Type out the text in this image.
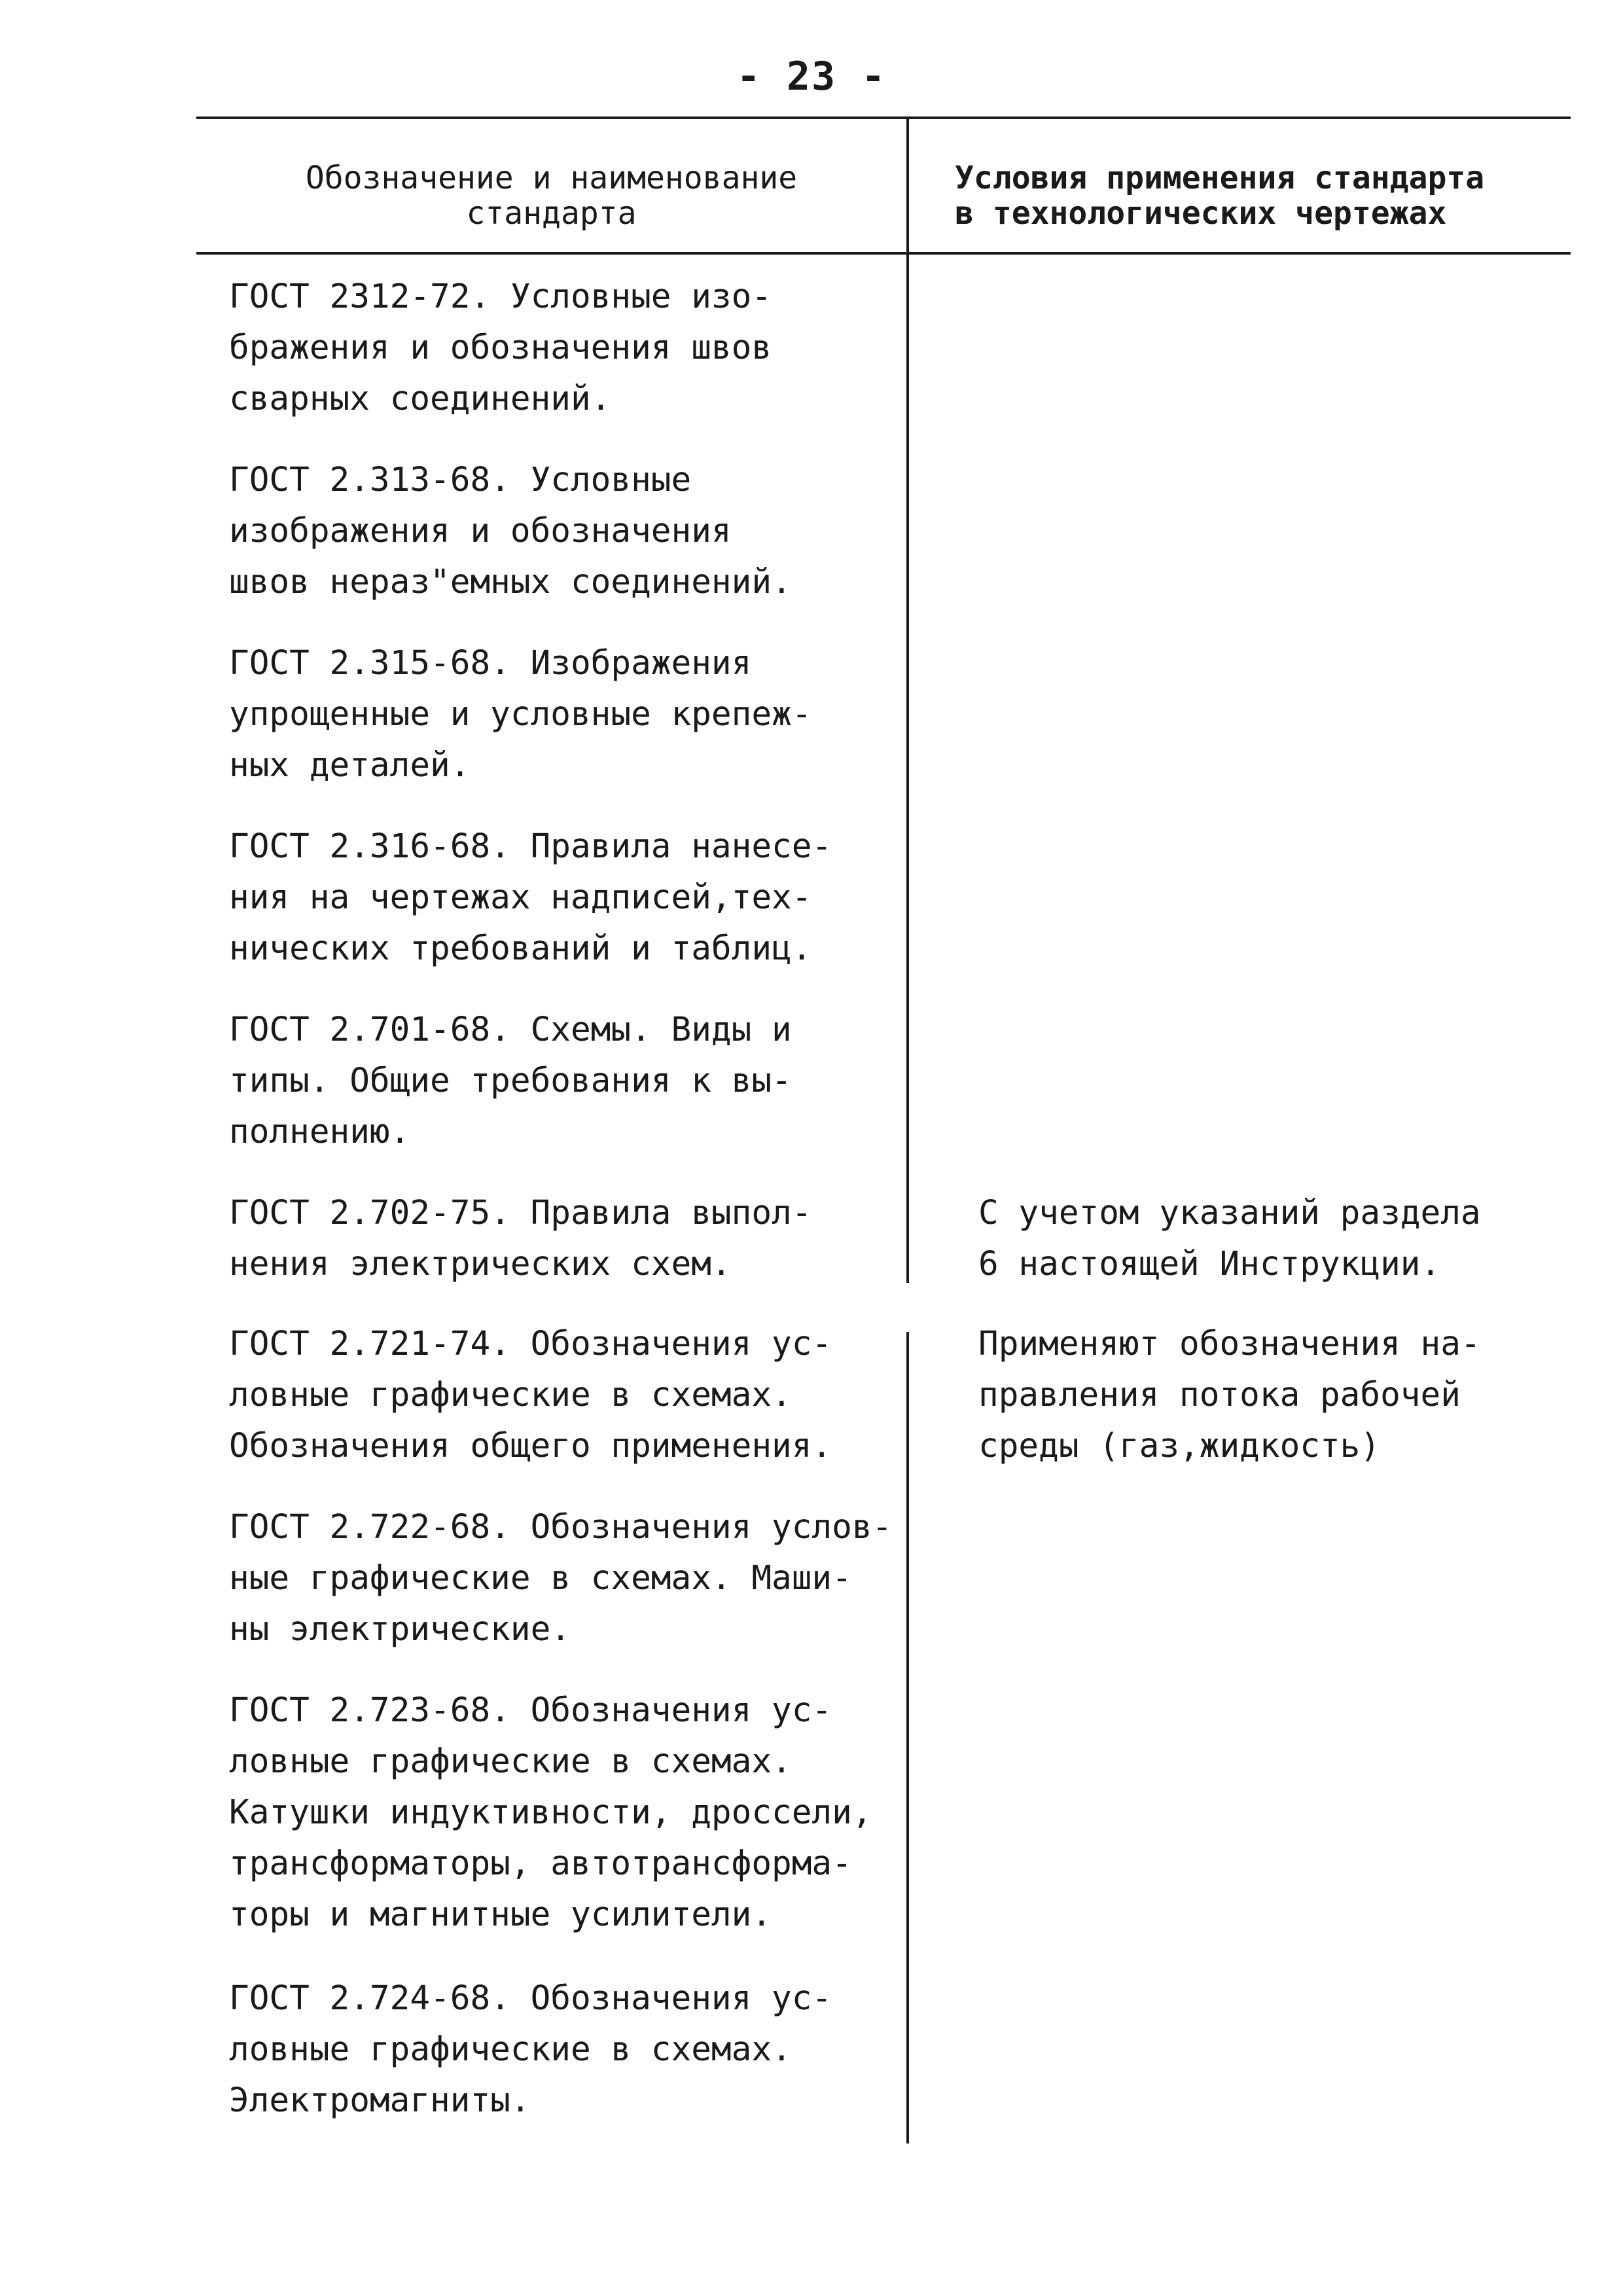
- 23 -
Обозначение и наименование
стандарта
Условия применения стандарта
в технологических чертежах
ГОСТ 2312-72. Условные изо-
бражения и обозначения швов
сварных соединений.
ГОСТ 2.313-68. Условные
изображения и обозначения
швов нераз"емных соединений.
ГОСТ 2.315-68. Изображения
упрощенные и условные крепеж-
ных деталей.
ГОСТ 2.316-68. Правила нанесе-
ния на чертежах надписей,тех-
нических требований и таблиц.
ГОСТ 2.701-68. Схемы. Виды и
типы. Общие требования к вы-
полнению.
ГОСТ 2.702-75. Правила выпол-
нения электрических схем.
С учетом указаний раздела
6 настоящей Инструкции.
ГОСТ 2.721-74. Обозначения ус-
ловные графические в схемах.
Обозначения общего применения.
Применяют обозначения на-
правления потока рабочей
среды (газ,жидкость)
ГОСТ 2.722-68. Обозначения услов-
ные графические в схемах. Маши-
ны электрические.
ГОСТ 2.723-68. Обозначения ус-
ловные графические в схемах.
Катушки индуктивности, дроссели,
трансформаторы, автотрансформа-
торы и магнитные усилители.
ГОСТ 2.724-68. Обозначения ус-
ловные графические в схемах.
Электромагниты.
